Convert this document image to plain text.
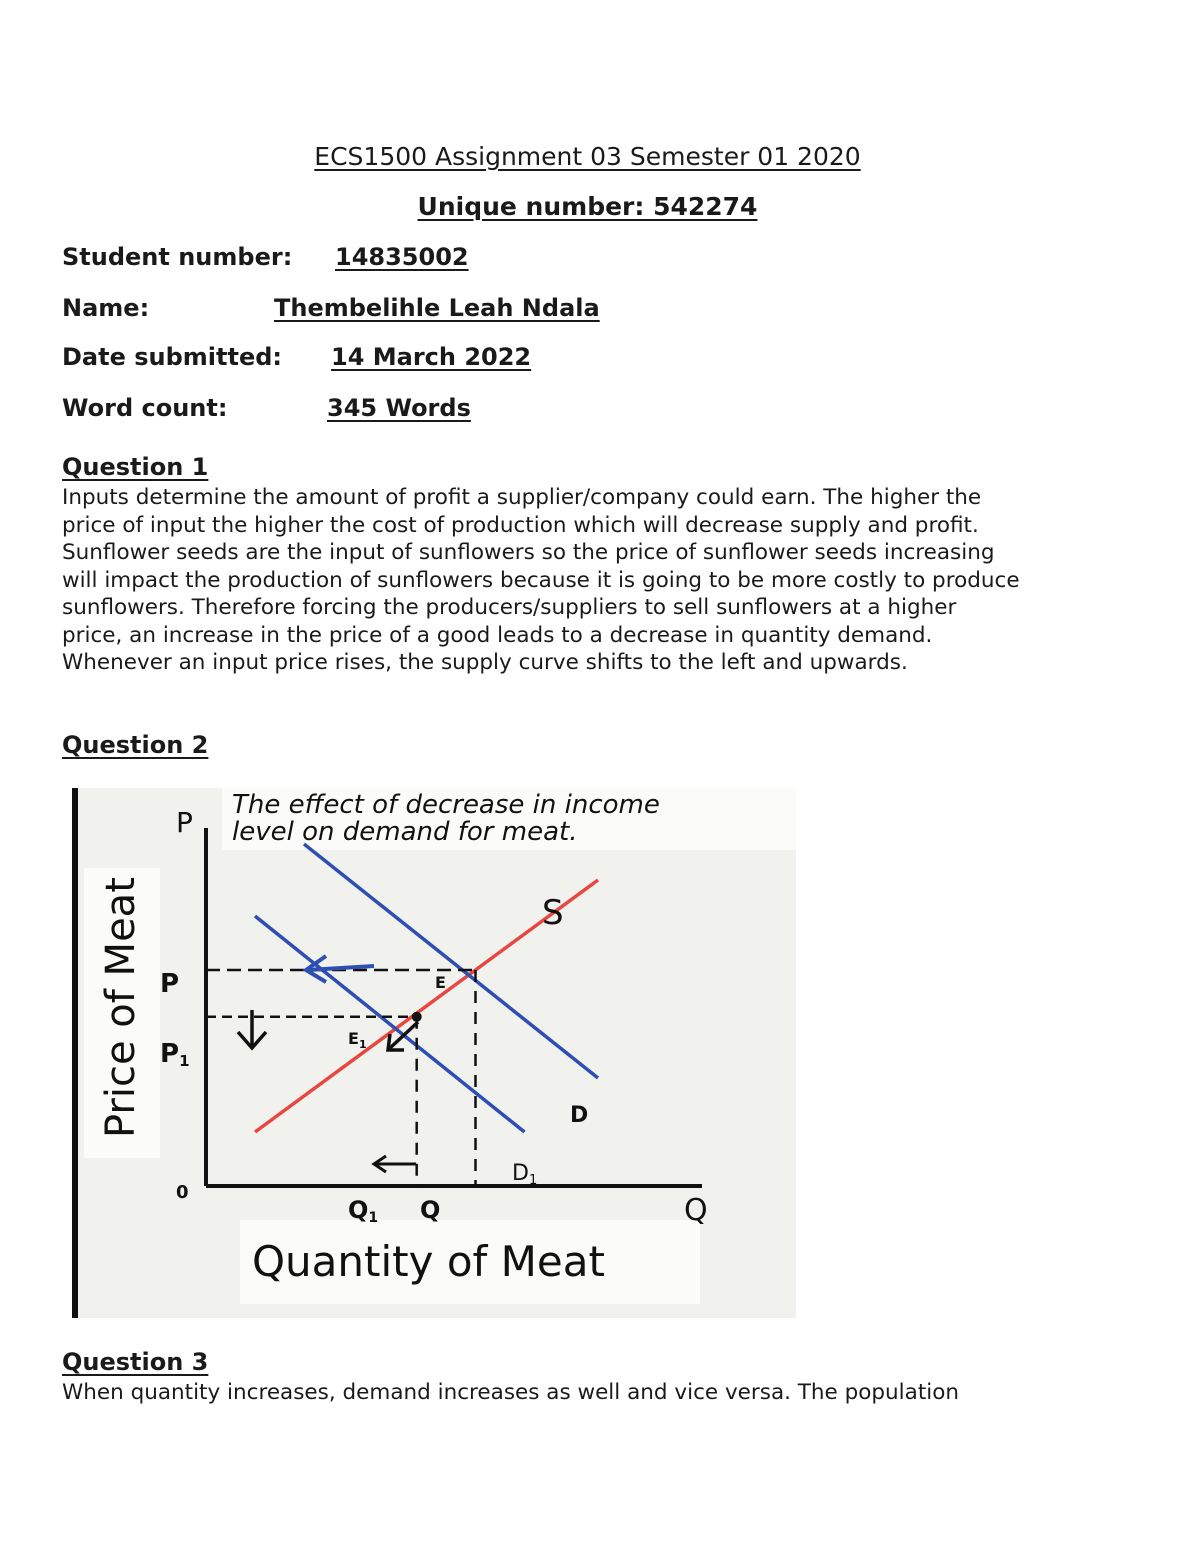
ECS1500 Assignment 03 Semester 01 2020
Unique number: 542274
Student number: 14835002
Name:	Thembelihle Leah Ndala
Date submitted: 14 March 2022
Word count:	345 Words
Question 1
Inputs determine the amount of profit a supplier/company could earn. The higher the
price of input the higher the cost of production which will decrease supply and profit.
Sunflower seeds are the input of sunflowers so the price of sunflower seeds increasing
will impact the production of sunflowers because it is going to be more costly to produce
sunflowers. Therefore forcing the producers/suppliers to sell sunflowers at a higher
price, an increase in the price of a good leads to a decrease in quantity demand.
Whenever an input price rises, the supply curve shifts to the left and upwards.
Question 2
Price of Meat
The effect of decrease in income
level on demand for meat.
Quantity of Meat
P
Q
0
S
D
D1
E
$E_1$
P
P1
Q
Q1
Question 3
When quantity increases, demand increases as well and vice versa. The population
